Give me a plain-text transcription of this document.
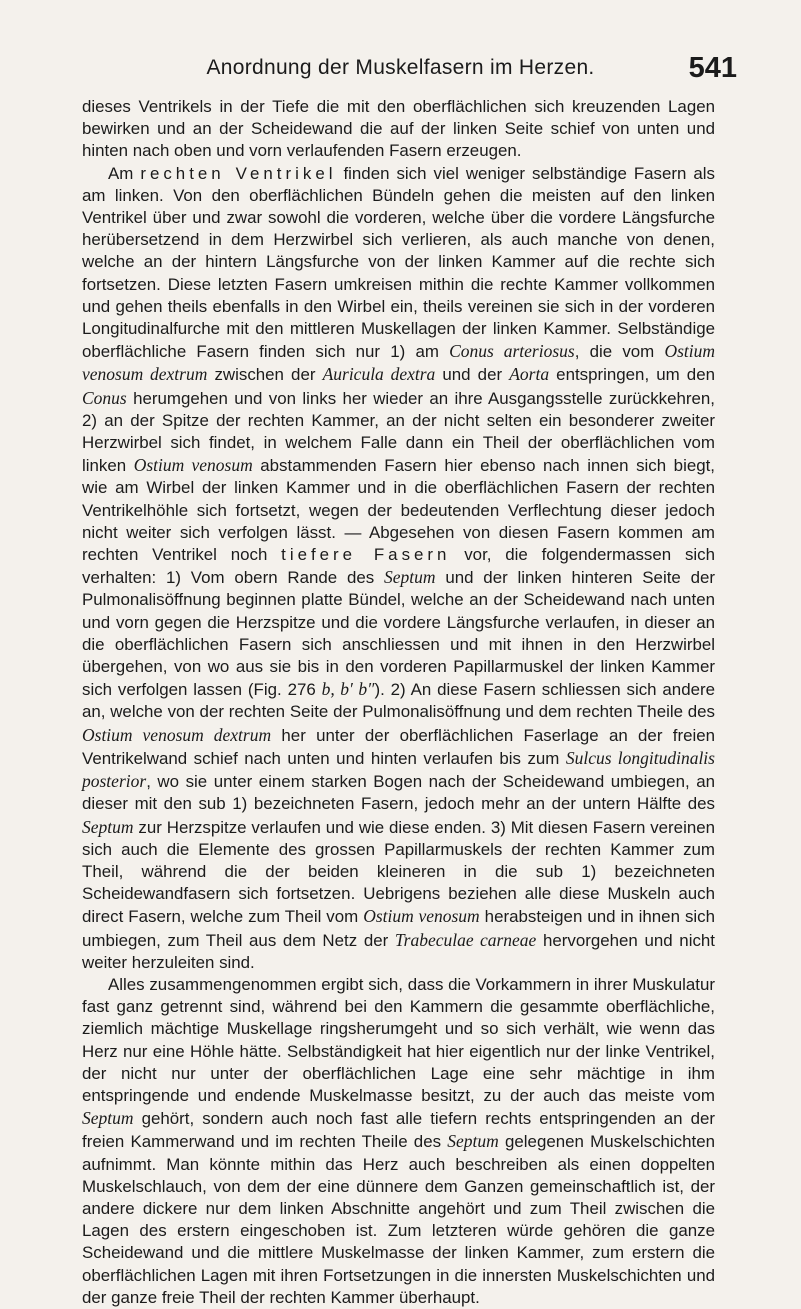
Anordnung der Muskelfasern im Herzen.	541

dieses Ventrikels in der Tiefe die mit den oberflächlichen sich kreuzenden Lagen bewirken und an der Scheidewand die auf der linken Seite schief von unten und hinten nach oben und vorn verlaufenden Fasern erzeugen.

Am rechten Ventrikel finden sich viel weniger selbständige Fasern als am linken. Von den oberflächlichen Bündeln gehen die meisten auf den linken Ventrikel über und zwar sowohl die vorderen, welche über die vordere Längsfurche herübersetzend in dem Herzwirbel sich verlieren, als auch manche von denen, welche an der hintern Längsfurche von der linken Kammer auf die rechte sich fortsetzen. Diese letzten Fasern umkreisen mithin die rechte Kammer vollkommen und gehen theils ebenfalls in den Wirbel ein, theils vereinen sie sich in der vorderen Longitudinalfurche mit den mittleren Muskellagen der linken Kammer. Selbständige oberflächliche Fasern finden sich nur 1) am Conus arteriosus, die vom Ostium venosum dextrum zwischen der Auricula dextra und der Aorta entspringen, um den Conus herumgehen und von links her wieder an ihre Ausgangsstelle zurückkehren, 2) an der Spitze der rechten Kammer, an der nicht selten ein besonderer zweiter Herzwirbel sich findet, in welchem Falle dann ein Theil der oberflächlichen vom linken Ostium venosum abstammenden Fasern hier ebenso nach innen sich biegt, wie am Wirbel der linken Kammer und in die oberflächlichen Fasern der rechten Ventrikelhöhle sich fortsetzt, wegen der bedeutenden Verflechtung dieser jedoch nicht weiter sich verfolgen lässt. — Abgesehen von diesen Fasern kommen am rechten Ventrikel noch tiefere Fasern vor, die folgendermassen sich verhalten: 1) Vom obern Rande des Septum und der linken hinteren Seite der Pulmonalisöffnung beginnen platte Bündel, welche an der Scheidewand nach unten und vorn gegen die Herzspitze und die vordere Längsfurche verlaufen, in dieser an die oberflächlichen Fasern sich anschliessen und mit ihnen in den Herzwirbel übergehen, von wo aus sie bis in den vorderen Papillarmuskel der linken Kammer sich verfolgen lassen (Fig. 276 b, b′ b″). 2) An diese Fasern schliessen sich andere an, welche von der rechten Seite der Pulmonalisöffnung und dem rechten Theile des Ostium venosum dextrum her unter der oberflächlichen Faserlage an der freien Ventrikelwand schief nach unten und hinten verlaufen bis zum Sulcus longitudinalis posterior, wo sie unter einem starken Bogen nach der Scheidewand umbiegen, an dieser mit den sub 1) bezeichneten Fasern, jedoch mehr an der untern Hälfte des Septum zur Herzspitze verlaufen und wie diese enden. 3) Mit diesen Fasern vereinen sich auch die Elemente des grossen Papillarmuskels der rechten Kammer zum Theil, während die der beiden kleineren in die sub 1) bezeichneten Scheidewandfasern sich fortsetzen. Uebrigens beziehen alle diese Muskeln auch direct Fasern, welche zum Theil vom Ostium venosum herabsteigen und in ihnen sich umbiegen, zum Theil aus dem Netz der Trabeculae carneae hervorgehen und nicht weiter herzuleiten sind.

Alles zusammengenommen ergibt sich, dass die Vorkammern in ihrer Muskulatur fast ganz getrennt sind, während bei den Kammern die gesammte oberflächliche, ziemlich mächtige Muskellage ringsherumgeht und so sich verhält, wie wenn das Herz nur eine Höhle hätte. Selbständigkeit hat hier eigentlich nur der linke Ventrikel, der nicht nur unter der oberflächlichen Lage eine sehr mächtige in ihm entspringende und endende Muskelmasse besitzt, zu der auch das meiste vom Septum gehört, sondern auch noch fast alle tiefern rechts entspringenden an der freien Kammerwand und im rechten Theile des Septum gelegenen Muskelschichten aufnimmt. Man könnte mithin das Herz auch beschreiben als einen doppelten Muskelschlauch, von dem der eine dünnere dem Ganzen gemeinschaftlich ist, der andere dickere nur dem linken Abschnitte angehört und zum Theil zwischen die Lagen des erstern eingeschoben ist. Zum letzteren würde gehören die ganze Scheidewand und die mittlere Muskelmasse der linken Kammer, zum erstern die oberflächlichen Lagen mit ihren Fortsetzungen in die innersten Muskelschichten und der ganze freie Theil der rechten Kammer überhaupt.
